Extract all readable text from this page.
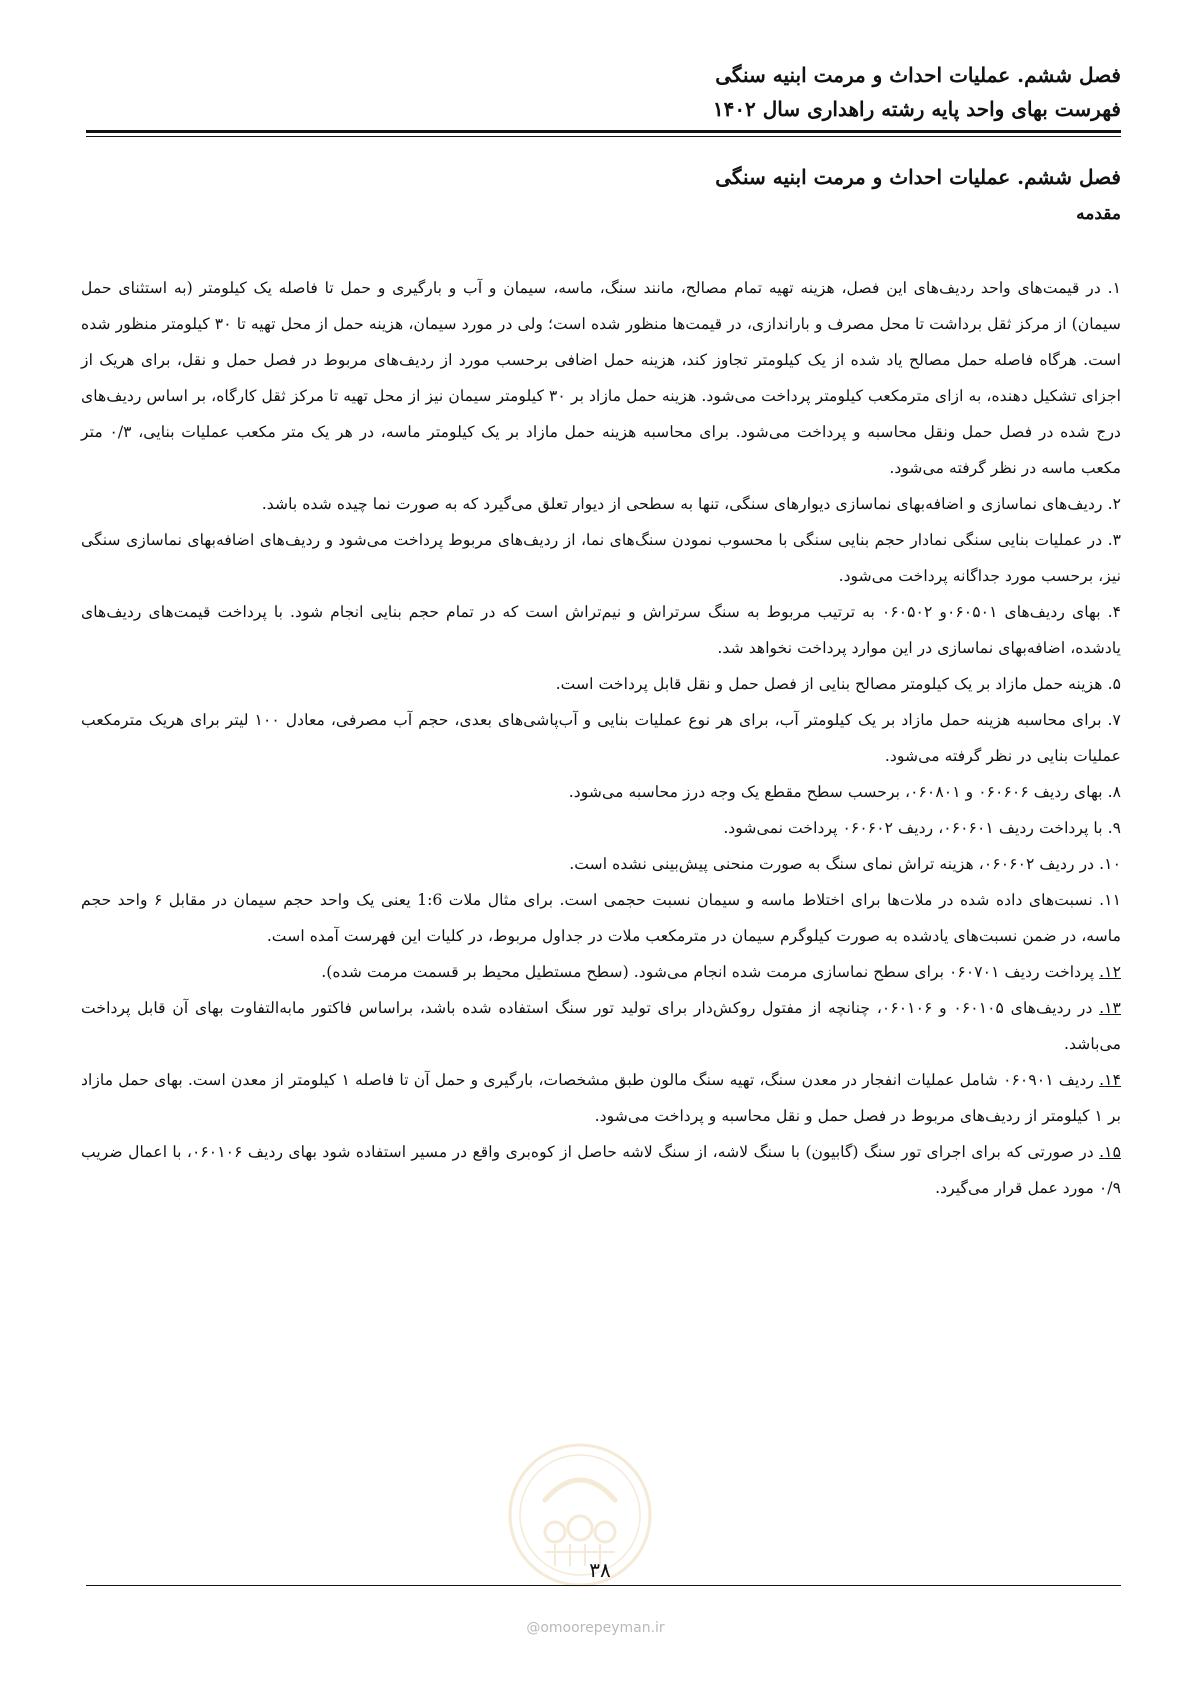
فصل ششم. عملیات احداث و مرمت ابنیه سنگی
فهرست بهای واحد پایه رشته راهداری سال ۱۴۰۲
فصل ششم. عملیات احداث و مرمت ابنیه سنگی
مقدمه

۱. در قیمت‌های واحد ردیف‌های این فصل، هزینه تهیه تمام مصالح، مانند سنگ، ماسه، سیمان و آب و بارگیری و حمل تا فاصله یک کیلومتر (به استثنای حمل سیمان) از مرکز ثقل برداشت تا محل مصرف و باراندازی، در قیمت‌ها منظور شده است؛ ولی در مورد سیمان، هزینه حمل از محل تهیه تا ۳۰ کیلومتر منظور شده است. هرگاه فاصله حمل مصالح یاد شده از یک کیلومتر تجاوز کند، هزینه حمل اضافی برحسب مورد از ردیف‌های مربوط در فصل حمل و نقل، برای هریک از اجزای تشکیل دهنده، به ازای مترمکعب کیلومتر پرداخت می‌شود. هزینه حمل مازاد بر ۳۰ کیلومتر سیمان نیز از محل تهیه تا مرکز ثقل کارگاه، بر اساس ردیف‌های درج شده در فصل حمل ونقل محاسبه و پرداخت می‌شود. برای محاسبه هزینه حمل مازاد بر یک کیلومتر ماسه، در هر یک متر مکعب عملیات بنایی، ۰/۳ متر مکعب ماسه در نظر گرفته می‌شود.

۲. ردیف‌های نماسازی و اضافه‌بهای نماسازی دیوارهای سنگی، تنها به سطحی از دیوار تعلق می‌گیرد که به صورت نما چیده شده باشد.

۳. در عملیات بنایی سنگی نمادار حجم بنایی سنگی با محسوب نمودن سنگ‌های نما، از ردیف‌های مربوط پرداخت می‌شود و ردیف‌های اضافه‌بهای نماسازی سنگی نیز، برحسب مورد جداگانه پرداخت می‌شود.

۴. بهای ردیف‌های ۰۶۰۵۰۱و ۰۶۰۵۰۲ به ترتیب مربوط به سنگ سرتراش و نیم‌تراش است که در تمام حجم بنایی انجام شود. با پرداخت قیمت‌های ردیف‌های یادشده، اضافه‌بهای نماسازی در این موارد پرداخت نخواهد شد.

۵. هزینه حمل مازاد بر یک کیلومتر مصالح بنایی از فصل حمل و نقل قابل پرداخت است.

۷. برای محاسبه هزینه حمل مازاد بر یک کیلومتر آب، برای هر نوع عملیات بنایی و آب‌پاشی‌های بعدی، حجم آب مصرفی، معادل ۱۰۰ لیتر برای هریک مترمکعب عملیات بنایی در نظر گرفته می‌شود.

۸. بهای ردیف ۰۶۰۶۰۶ و ۰۶۰۸۰۱، برحسب سطح مقطع یک وجه درز محاسبه می‌شود.

۹. با پرداخت ردیف ۰۶۰۶۰۱، ردیف ۰۶۰۶۰۲ پرداخت نمی‌شود.

۱۰. در ردیف ۰۶۰۶۰۲، هزینه تراش نمای سنگ به صورت منحنی پیش‌بینی نشده است.

۱۱. نسبت‌های داده شده در ملات‌ها برای اختلاط ماسه و سیمان نسبت حجمی است. برای مثال ملات 1:6 یعنی یک واحد حجم سیمان در مقابل ۶ واحد حجم ماسه، در ضمن نسبت‌های یادشده به صورت کیلوگرم سیمان در مترمکعب ملات در جداول مربوط، در کلیات این فهرست آمده است.

۱۲. پرداخت ردیف ۰۶۰۷۰۱ برای سطح نماسازی مرمت شده انجام می‌شود. (سطح مستطیل محیط بر قسمت مرمت شده).

۱۳. در ردیف‌های ۰۶۰۱۰۵ و ۰۶۰۱۰۶، چنانچه از مفتول روکش‌دار برای تولید تور سنگ استفاده شده باشد، براساس فاکتور مابه‌التفاوت بهای آن قابل پرداخت می‌باشد.

۱۴. ردیف ۰۶۰۹۰۱ شامل عملیات انفجار در معدن سنگ، تهیه سنگ مالون طبق مشخصات، بارگیری و حمل آن تا فاصله ۱ کیلومتر از معدن است. بهای حمل مازاد بر ۱ کیلومتر از ردیف‌های مربوط در فصل حمل و نقل محاسبه و پرداخت می‌شود.

۱۵. در صورتی که برای اجرای تور سنگ (گابیون) با سنگ لاشه، از سنگ لاشه حاصل از کوه‌بری واقع در مسیر استفاده شود بهای ردیف ۰۶۰۱۰۶، با اعمال ضریب ۰/۹ مورد عمل قرار می‌گیرد.

۳۸
@omoorepeyman.ir
